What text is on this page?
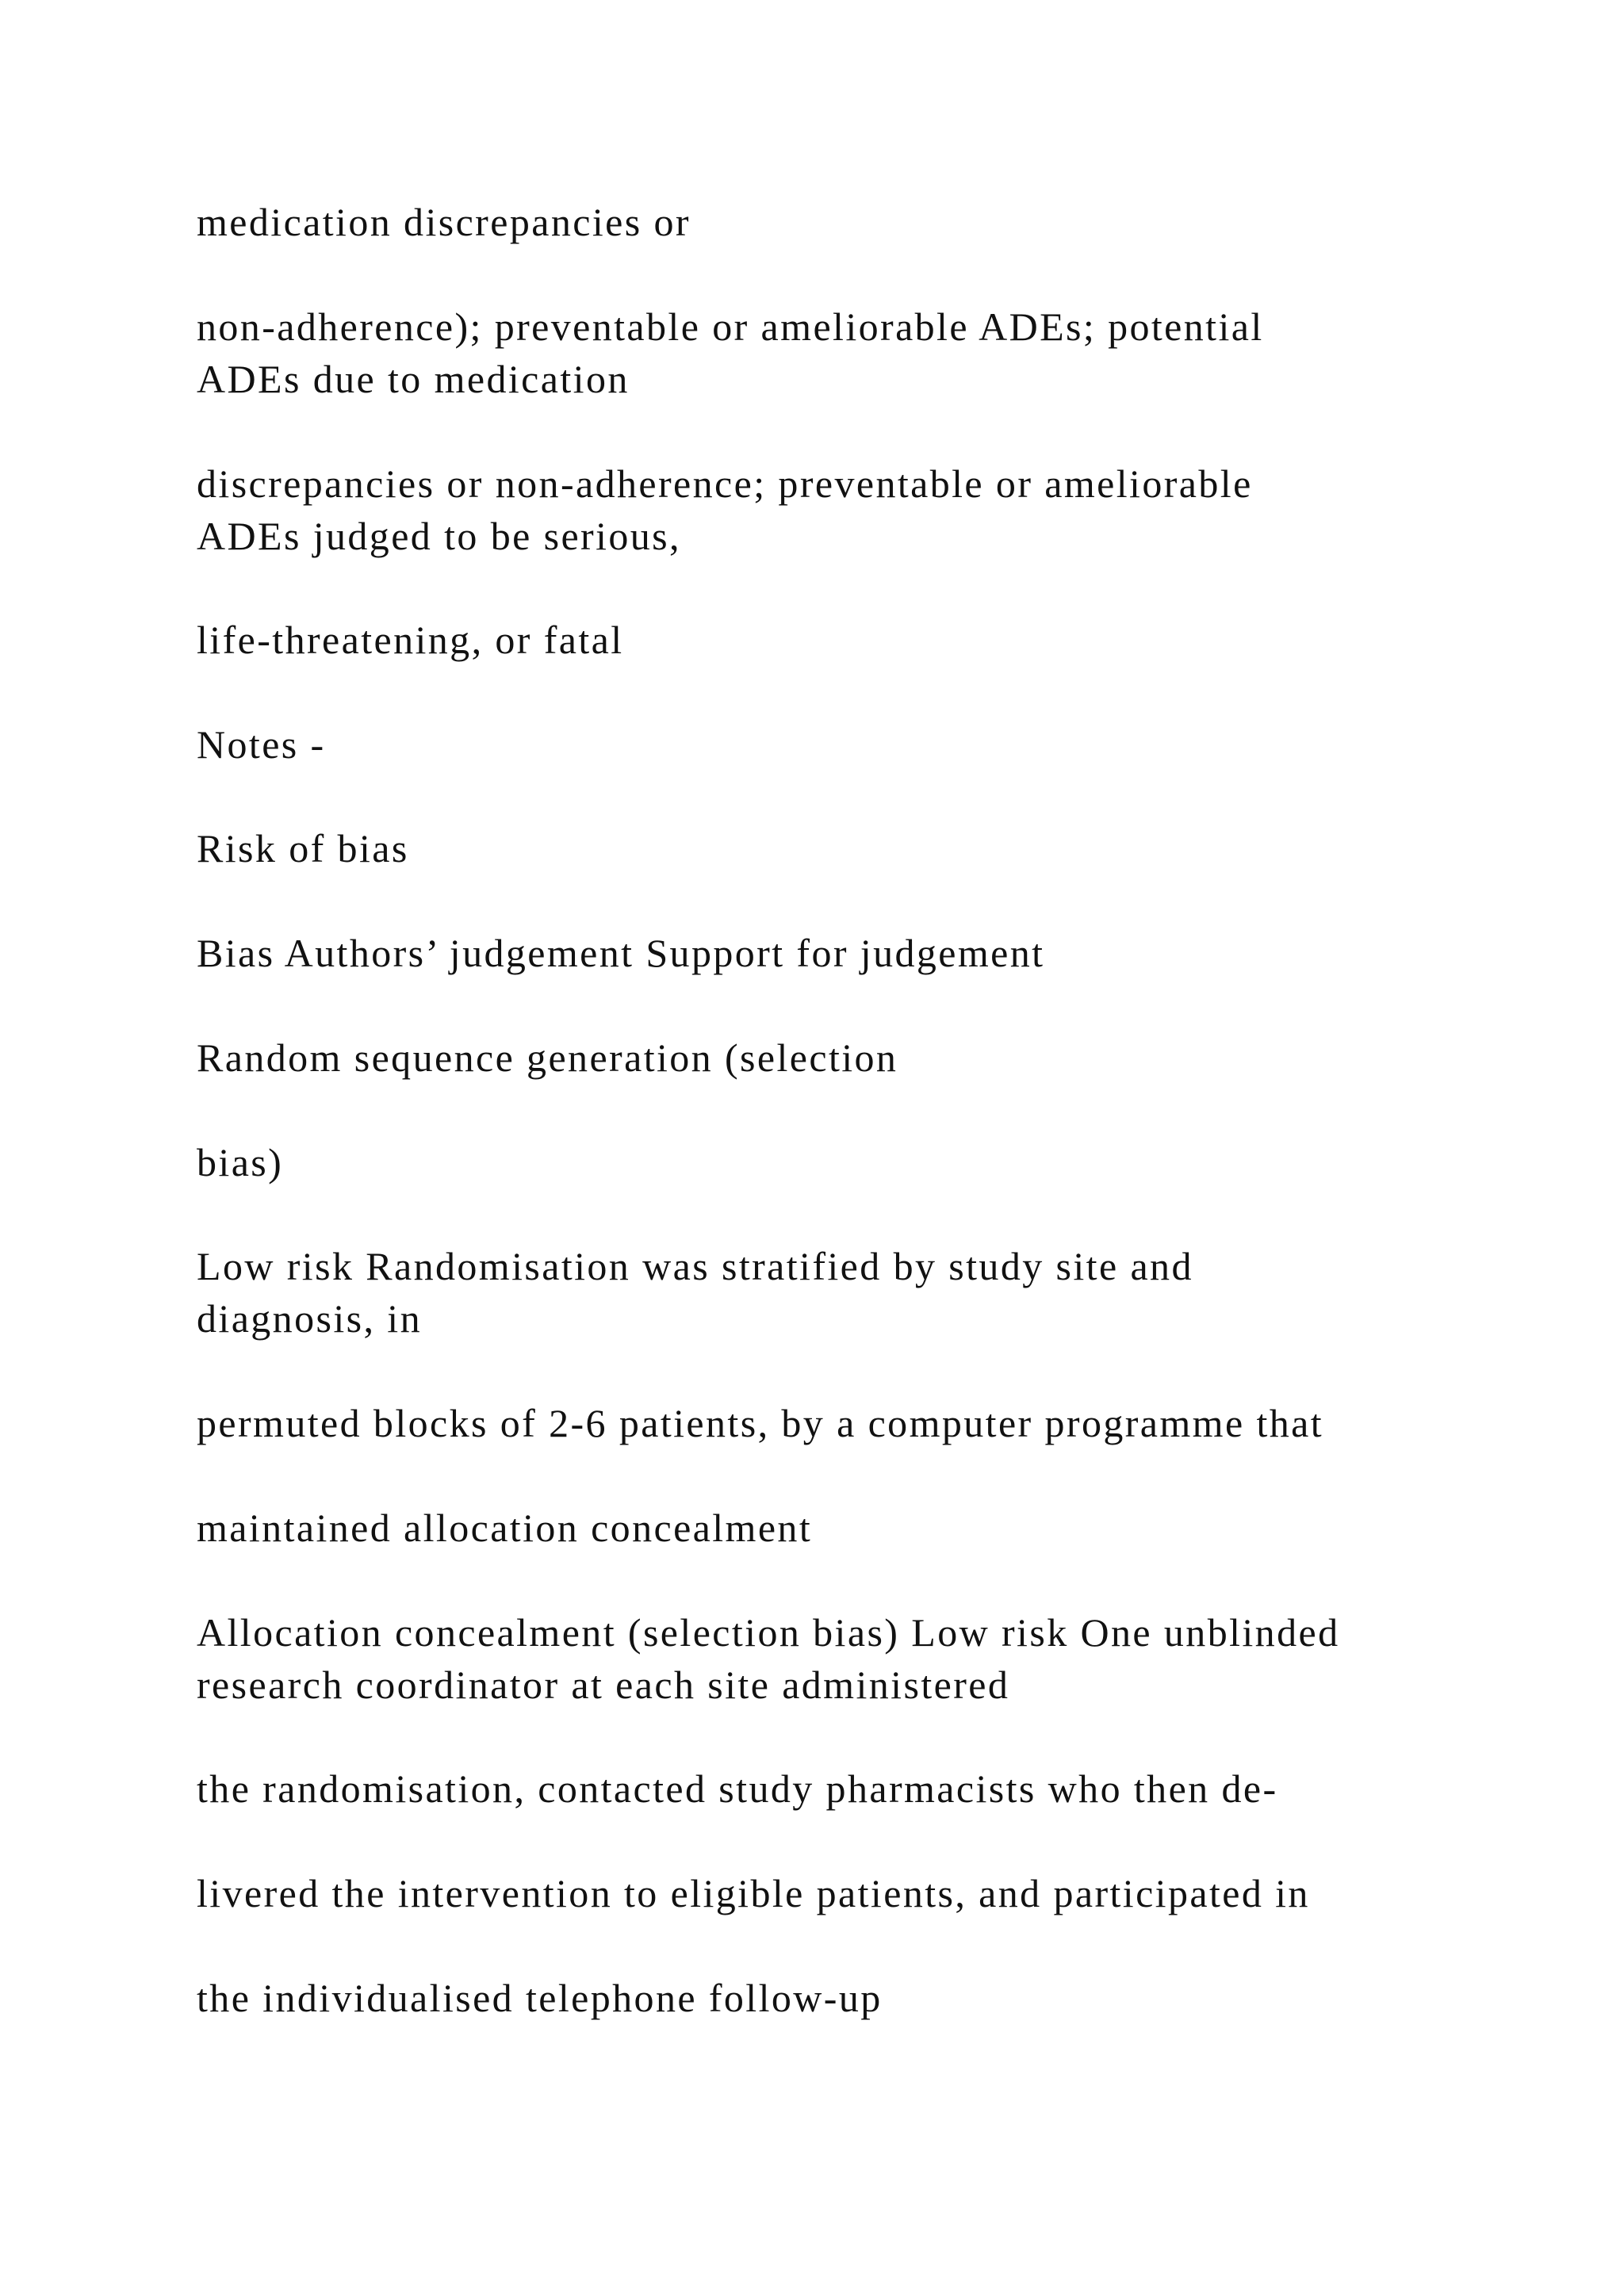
medication discrepancies or
non-adherence); preventable or ameliorable ADEs; potential
ADEs due to medication
discrepancies or non-adherence; preventable or ameliorable
ADEs judged to be serious,
life-threatening, or fatal
Notes -
Risk of bias
Bias Authors’ judgement Support for judgement
Random sequence generation (selection
bias)
Low risk Randomisation was stratified by study site and
diagnosis, in
permuted blocks of 2-6 patients, by a computer programme that
maintained allocation concealment
Allocation concealment (selection bias) Low risk One unblinded
research coordinator at each site administered
the randomisation, contacted study pharmacists who then de-
livered the intervention to eligible patients, and participated in
the individualised telephone follow-up
